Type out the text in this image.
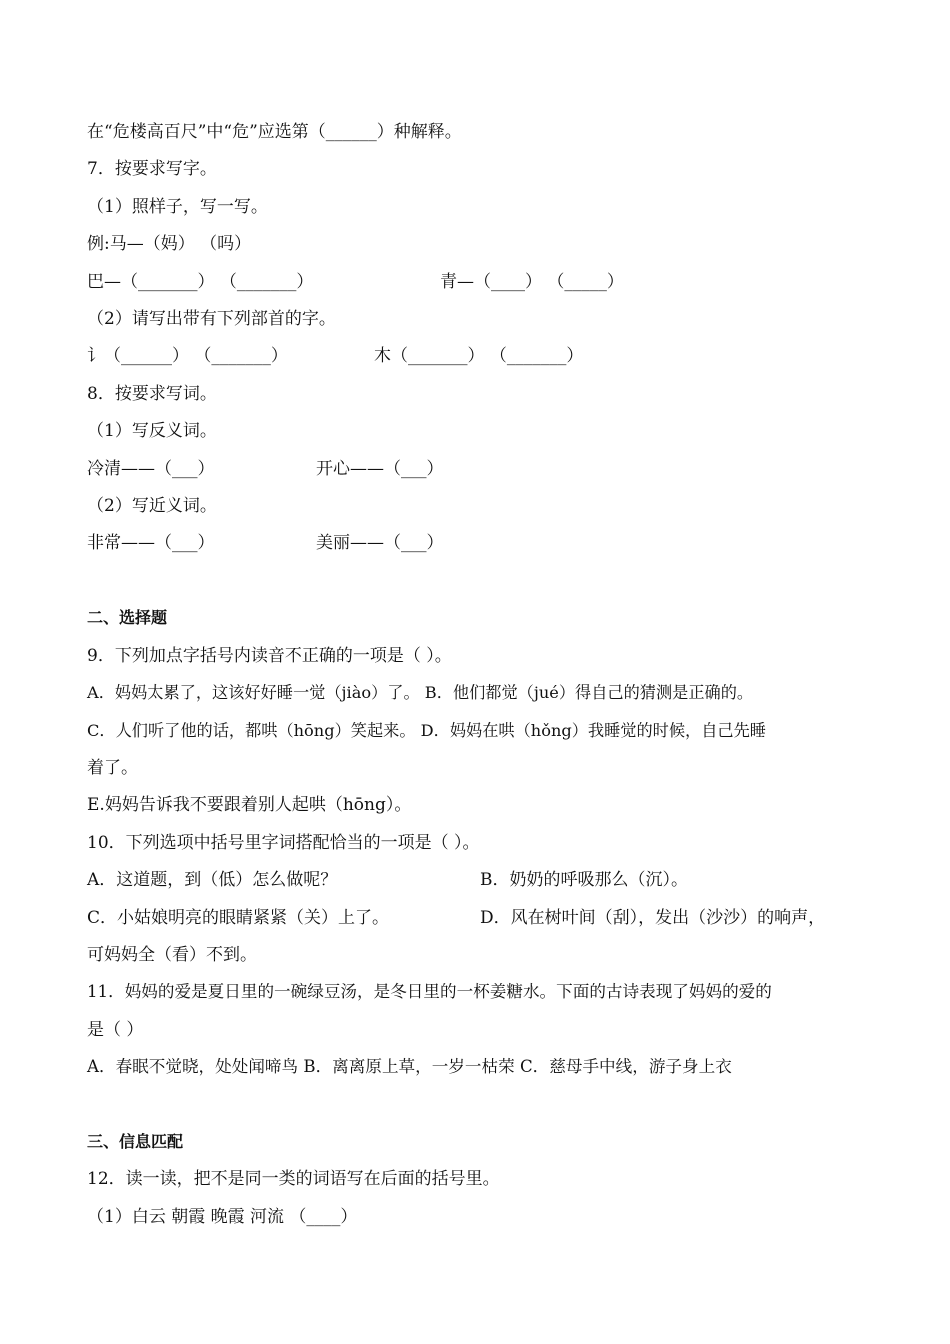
在“危楼高百尺”中“危”应选第（______）种解释。
7．按要求写字。
（1）照样子，写一写。
例:马—（妈） （吗）
巴—（_______） （_______）	青—（____） （_____）
（2）请写出带有下列部首的字。
讠（______） （_______）	木（_______） （_______）
8．按要求写词。
（1）写反义词。
冷清——（___）	开心——（___）
（2）写近义词。
非常——（___）	美丽——（___）
二、选择题
9．下列加点字括号内读音不正确的一项是（ ）。
A．妈妈太累了，这该好好睡一觉（jiào）了。 B．他们都觉（jué）得自己的猜测是正确的。
C．人们听了他的话，都哄（hōng）笑起来。 D．妈妈在哄（hǒng）我睡觉的时候，自己先睡
着了。
E.妈妈告诉我不要跟着别人起哄（hōng）。
10．下列选项中括号里字词搭配恰当的一项是（ ）。
A．这道题，到（低）怎么做呢？	B．奶奶的呼吸那么（沉）。
C．小姑娘明亮的眼睛紧紧（关）上了。	D．风在树叶间（刮），发出（沙沙）的响声，
可妈妈全（看）不到。
11．妈妈的爱是夏日里的一碗绿豆汤，是冬日里的一杯姜糖水。下面的古诗表现了妈妈的爱的
是（ ）
A．春眠不觉晓，处处闻啼鸟 B．离离原上草，一岁一枯荣 C．慈母手中线，游子身上衣
三、信息匹配
12．读一读，把不是同一类的词语写在后面的括号里。
（1）白云 朝霞 晚霞 河流 （____）
